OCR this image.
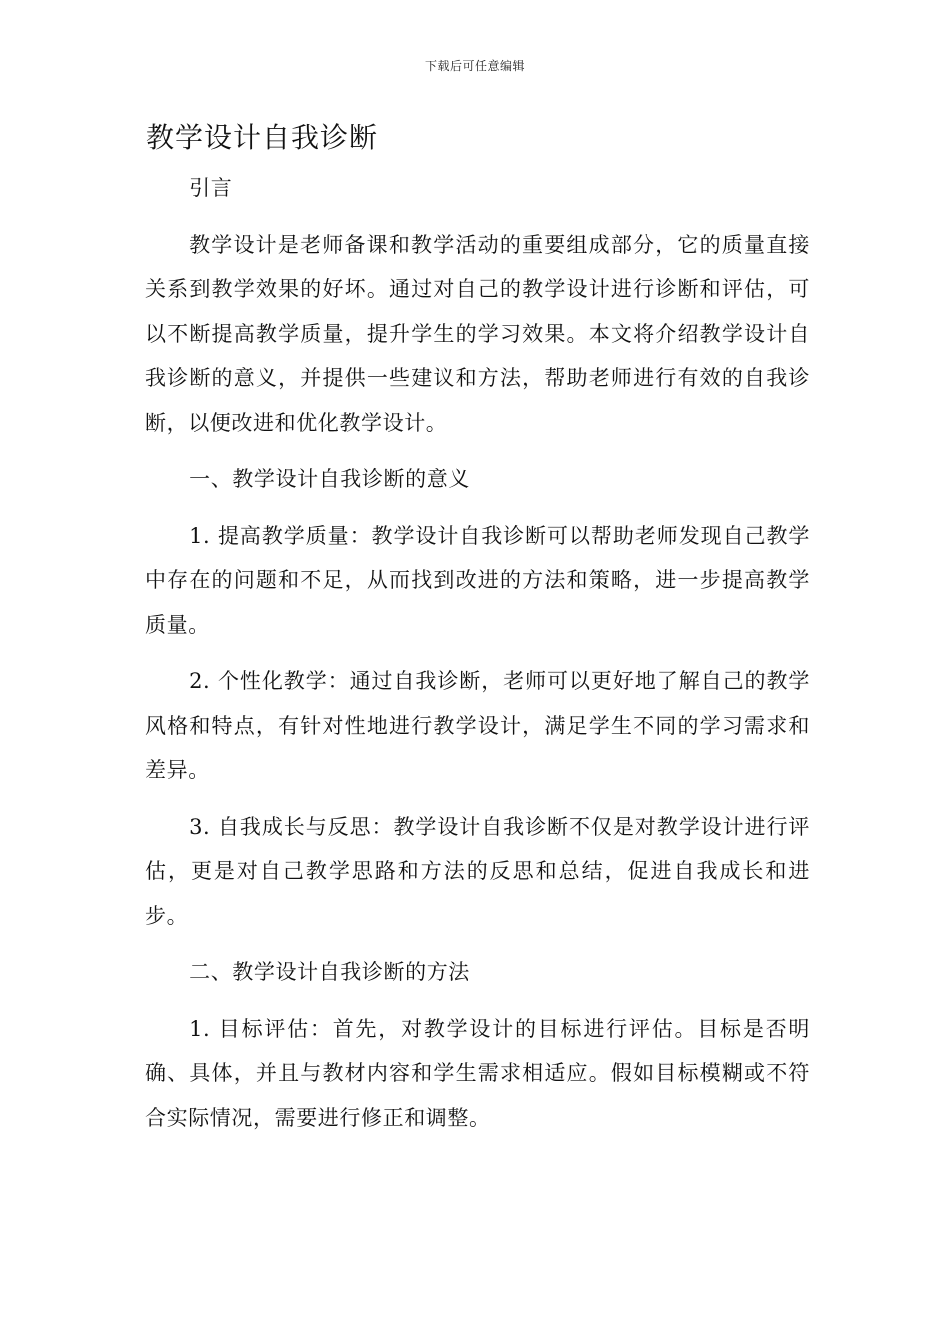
下载后可任意编辑
教学设计自我诊断

引言

教学设计是老师备课和教学活动的重要组成部分，它的质量直接关系到教学效果的好坏。通过对自己的教学设计进行诊断和评估，可以不断提高教学质量，提升学生的学习效果。本文将介绍教学设计自我诊断的意义，并提供一些建议和方法，帮助老师进行有效的自我诊断，以便改进和优化教学设计。

一、教学设计自我诊断的意义

1. 提高教学质量：教学设计自我诊断可以帮助老师发现自己教学中存在的问题和不足，从而找到改进的方法和策略，进一步提高教学质量。

2. 个性化教学：通过自我诊断，老师可以更好地了解自己的教学风格和特点，有针对性地进行教学设计，满足学生不同的学习需求和差异。

3. 自我成长与反思：教学设计自我诊断不仅是对教学设计进行评估，更是对自己教学思路和方法的反思和总结，促进自我成长和进步。

二、教学设计自我诊断的方法

1. 目标评估：首先，对教学设计的目标进行评估。目标是否明确、具体，并且与教材内容和学生需求相适应。假如目标模糊或不符合实际情况，需要进行修正和调整。
